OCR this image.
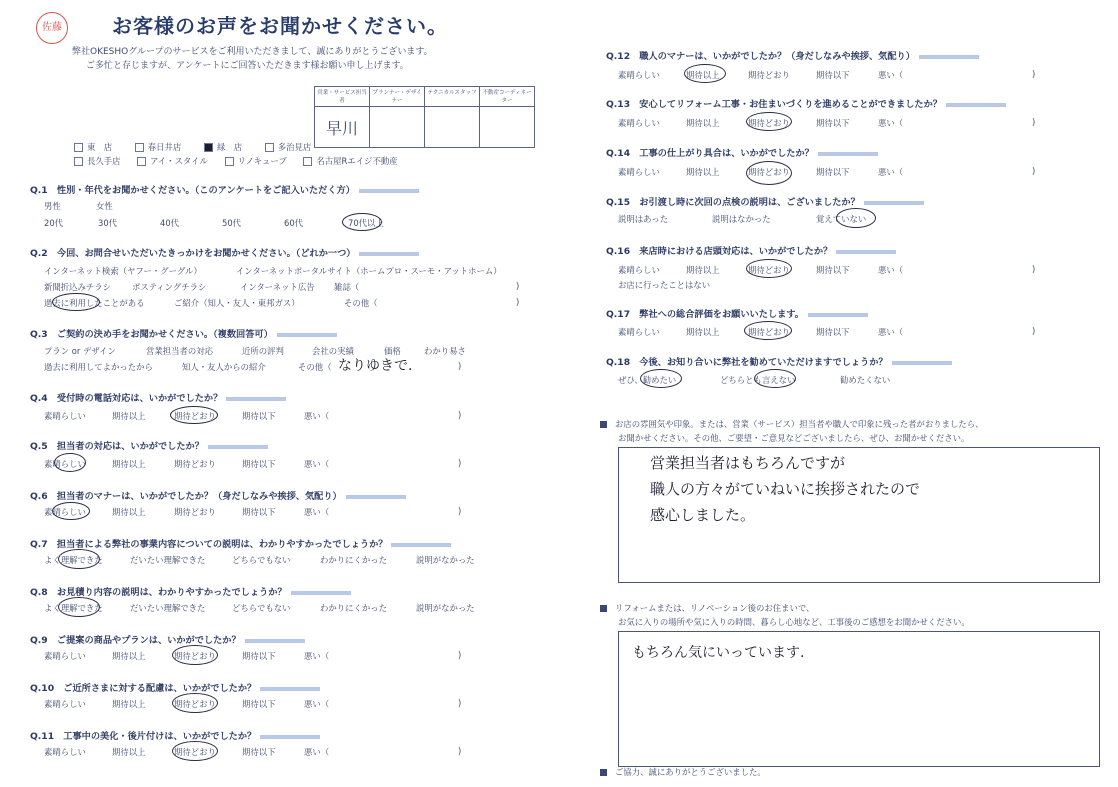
佐藤	お客様のお声をお聞かせください。
弊社OKESHOグループのサービスをご利用いただきまして、誠にありがとうございます。
ご多忙と存じますが、アンケートにご回答いただきます様お願い申し上げます。
営業・サービス担当者	プランナー・デザイナー	テクニカルスタッフ	不動産コーディネーター
早川			
東　店	春日井店	緑　店	多治見店
長久手店	アイ・スタイル	リノキューブ	名古屋Rエイジ不動産
Q.1　性別・年代をお聞かせください。（このアンケートをご記入いただく方）
男性	女性
20代	30代	40代	50代	60代	70代以上
Q.2　今回、お問合せいただいたきっかけをお聞かせください。（どれか一つ）
インターネット検索（ヤフー・グーグル）	インターネットポータルサイト（ホームプロ・スーモ・アットホーム）
新聞折込みチラシ	ポスティングチラシ	インターネット広告 雑誌（	)
過去に利用したことがある	ご紹介（知人・友人・東邦ガス）	その他（	)
Q.3　ご契約の決め手をお聞かせください。（複数回答可）
プラン or デザイン	営業担当者の対応	近所の評判	会社の実績	価格	わかり易さ
過去に利用してよかったから	知人・友人からの紹介	その他（ なりゆきで.	)
Q.4　受付時の電話対応は、いかがでしたか？
素晴らしい	期待以上	期待どおり	期待以下	悪い（	)
Q.5　担当者の対応は、いかがでしたか？
素晴らしい	期待以上	期待どおり	期待以下	悪い（	)
Q.6　担当者のマナーは、いかがでしたか？（身だしなみや挨拶、気配り）
素晴らしい	期待以上	期待どおり	期待以下	悪い（	)
Q.7　担当者による弊社の事業内容についての説明は、わかりやすかったでしょうか？
よく理解できた	だいたい理解できた	どちらでもない	わかりにくかった	説明がなかった
Q.8　お見積り内容の説明は、わかりやすかったでしょうか？
よく理解できた	だいたい理解できた	どちらでもない	わかりにくかった	説明がなかった
Q.9　ご提案の商品やプランは、いかがでしたか？
素晴らしい	期待以上	期待どおり	期待以下	悪い（	)
Q.10　ご近所さまに対する配慮は、いかがでしたか？
素晴らしい	期待以上	期待どおり	期待以下	悪い（	)
Q.11　工事中の美化・後片付けは、いかがでしたか？
素晴らしい	期待以上	期待どおり	期待以下	悪い（	)
Q.12　職人のマナーは、いかがでしたか？（身だしなみや挨拶、気配り）
素晴らしい	期待以上	期待どおり	期待以下	悪い（	)
Q.13　安心してリフォーム工事・お住まいづくりを進めることができましたか？
素晴らしい	期待以上	期待どおり	期待以下	悪い（	)
Q.14　工事の仕上がり具合は、いかがでしたか？
素晴らしい	期待以上	期待どおり	期待以下	悪い（	)
Q.15　お引渡し時に次回の点検の説明は、ございましたか？
説明はあった	説明はなかった	覚えていない
Q.16　来店時における店頭対応は、いかがでしたか？
素晴らしい	期待以上	期待どおり	期待以下	悪い（	)
お店に行ったことはない
Q.17　弊社への総合評価をお願いいたします。
素晴らしい	期待以上	期待どおり	期待以下	悪い（	)
Q.18　今後、お知り合いに弊社を勧めていただけますでしょうか？
ぜひ、勧めたい	どちらとも言えない	勧めたくない
お店の雰囲気や印象。または、営業（サービス）担当者や職人で印象に残った者がおりましたら、
お聞かせください。その他、ご要望・ご意見などございましたら、ぜひ、お聞かせください。
営業担当者はもちろんですが
職人の方々がていねいに挨拶されたので
感心しました。
リフォームまたは、リノベーション後のお住まいで、
お気に入りの場所や気に入りの時間、暮らし心地など、工事後のご感想をお聞かせください。
もちろん気にいっています.
ご協力、誠にありがとうございました。
